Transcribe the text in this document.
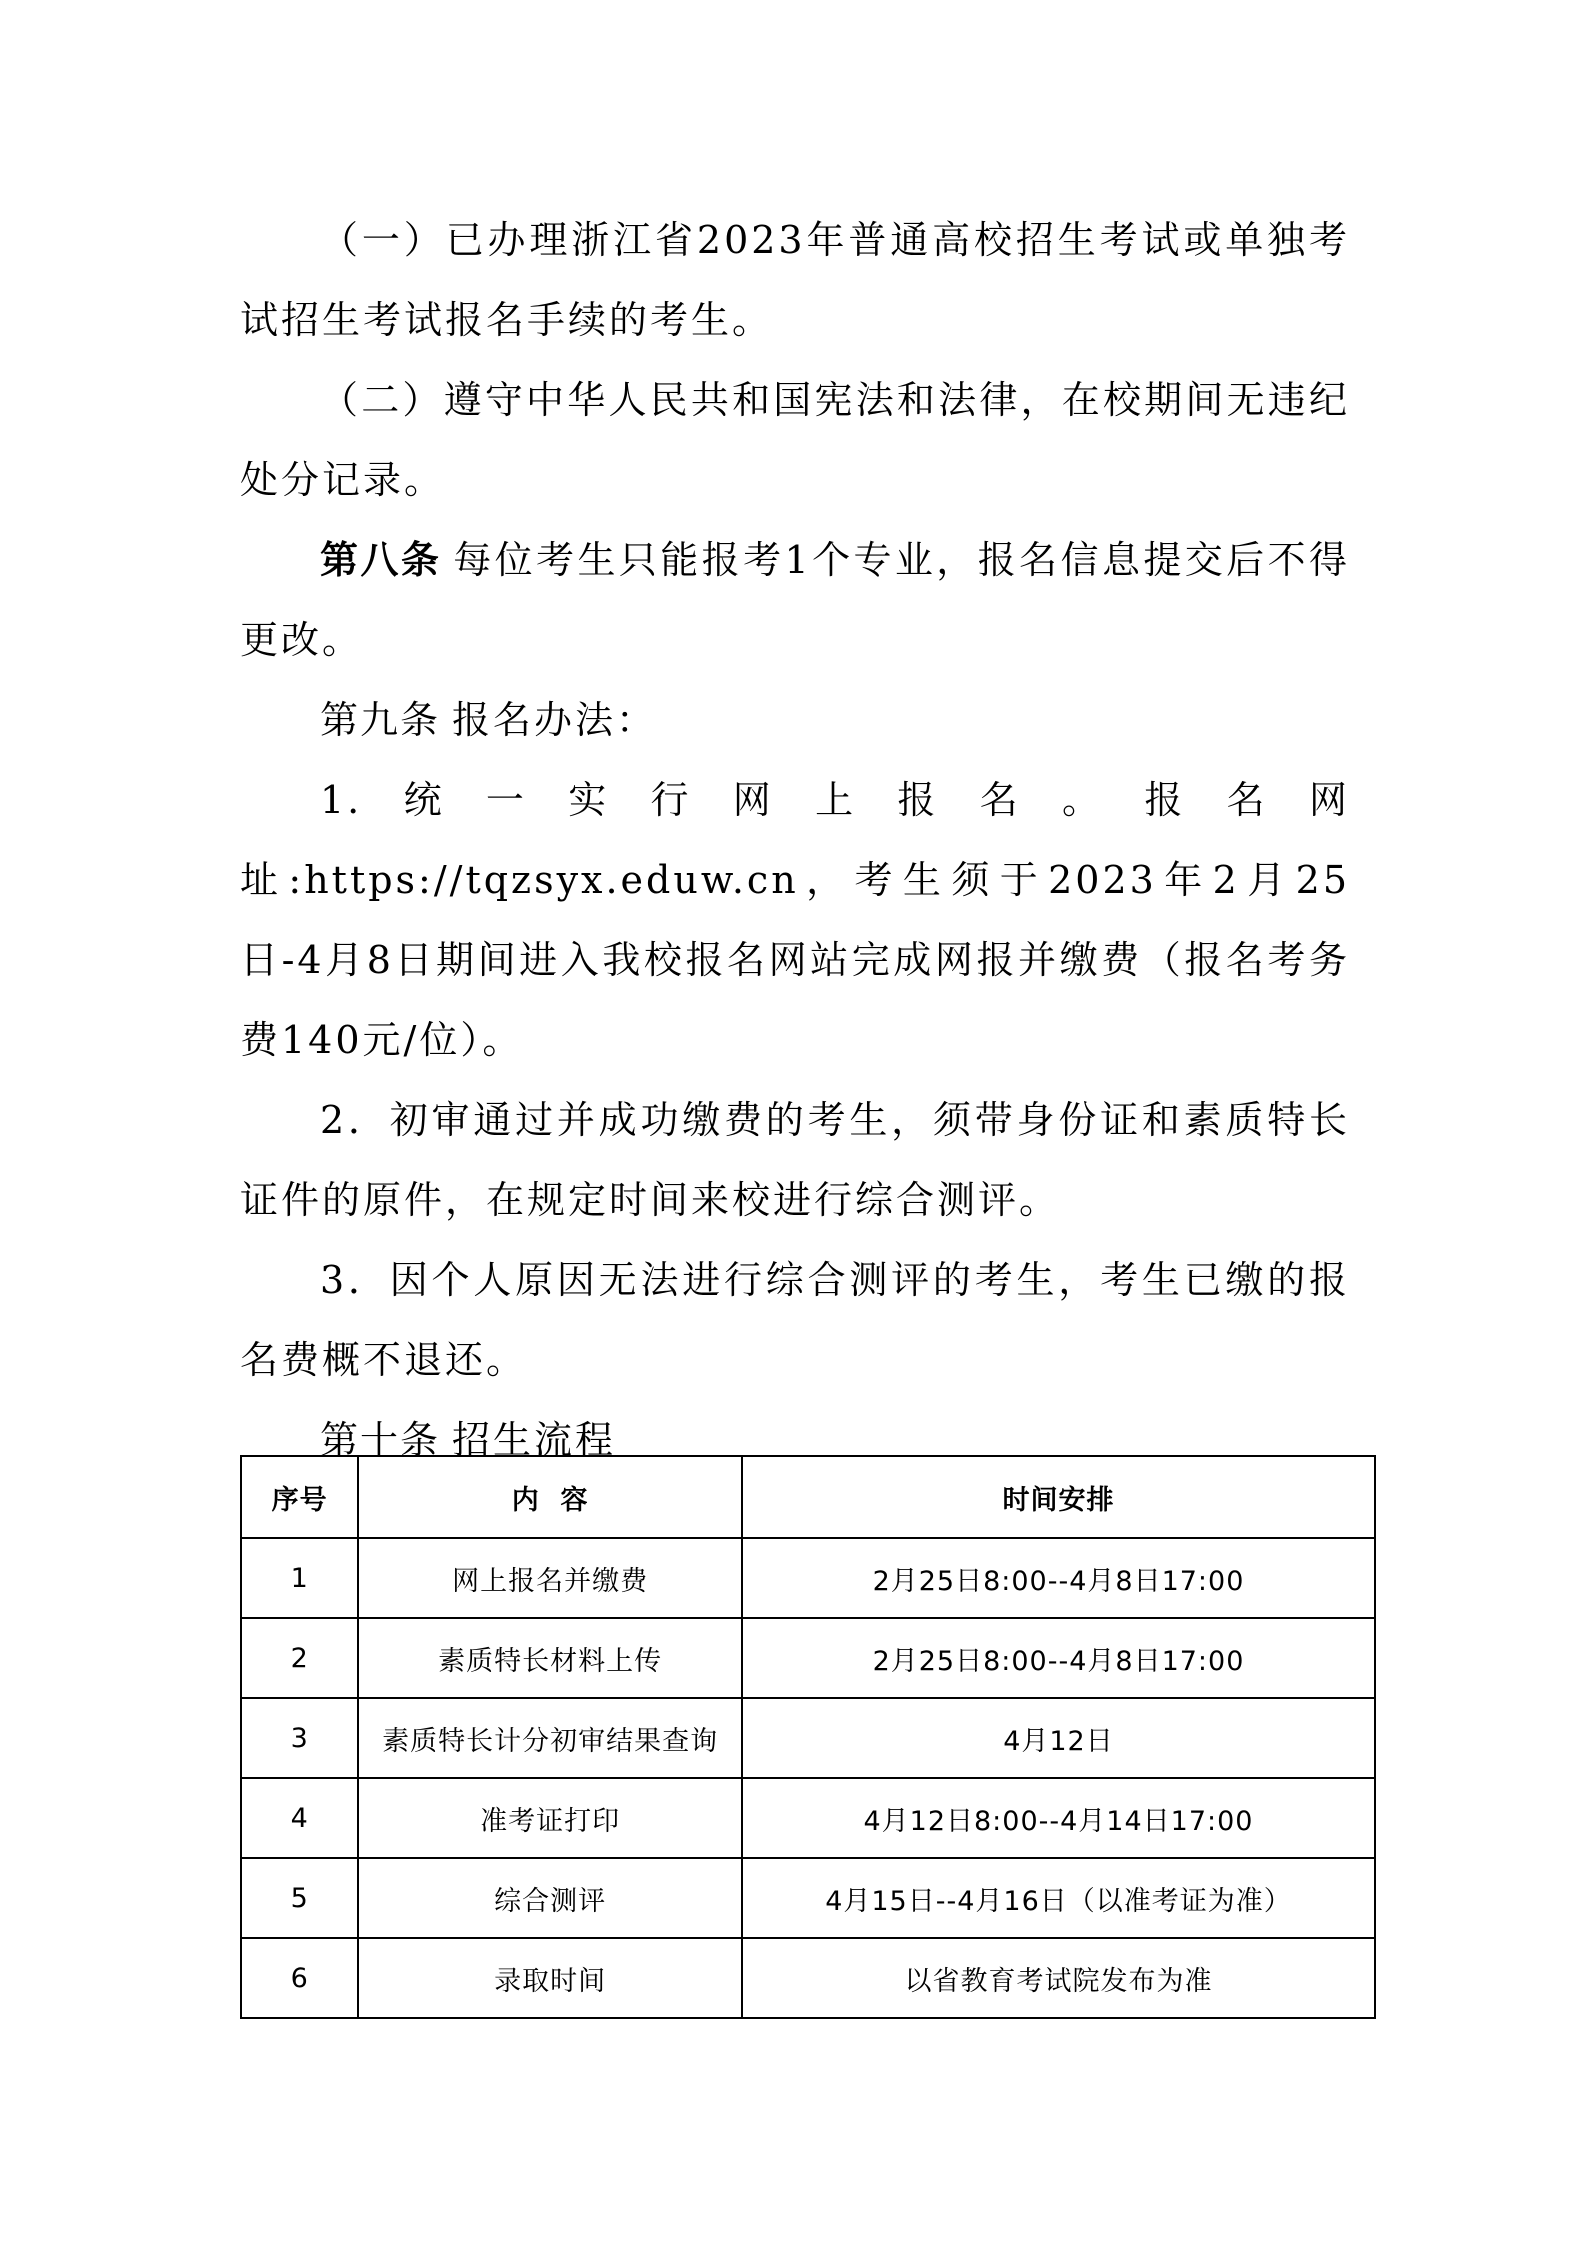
（一）已办理浙江省2023年普通高校招生考试或单独考试招生考试报名手续的考生。

（二）遵守中华人民共和国宪法和法律，在校期间无违纪处分记录。

第八条 每位考生只能报考1个专业，报名信息提交后不得更改。

第九条 报名办法：

1.统一实行网上报名。报名网址:https://tqzsyx.eduw.cn，考生须于2023年2月25日-4月8日期间进入我校报名网站完成网报并缴费（报名考务费140元/位）。

2．初审通过并成功缴费的考生，须带身份证和素质特长证件的原件，在规定时间来校进行综合测评。

3．因个人原因无法进行综合测评的考生，考生已缴的报名费概不退还。

第十条 招生流程

序号	内  容	时间安排
1	网上报名并缴费	2月25日8:00--4月8日17:00
2	素质特长材料上传	2月25日8:00--4月8日17:00
3	素质特长计分初审结果查询	4月12日
4	准考证打印	4月12日8:00--4月14日17:00
5	综合测评	4月15日--4月16日（以准考证为准）
6	录取时间	以省教育考试院发布为准
